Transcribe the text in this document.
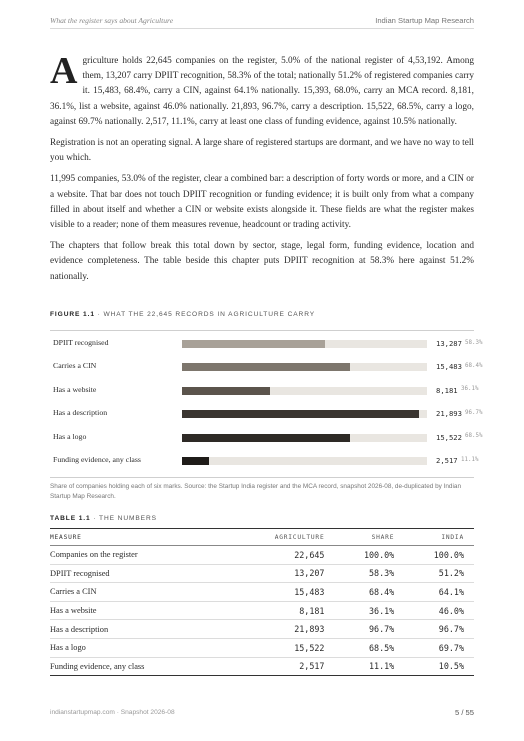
What the register says about Agriculture	Indian Startup Map Research

Agriculture holds 22,645 companies on the register, 5.0% of the national register of 4,53,192. Among them, 13,207 carry DPIIT recognition, 58.3% of the total; nationally 51.2% of registered companies carry it. 15,483, 68.4%, carry a CIN, against 64.1% nationally. 15,393, 68.0%, carry an MCA record. 8,181, 36.1%, list a website, against 46.0% nationally. 21,893, 96.7%, carry a description. 15,522, 68.5%, carry a logo, against 69.7% nationally. 2,517, 11.1%, carry at least one class of funding evidence, against 10.5% nationally.

Registration is not an operating signal. A large share of registered startups are dormant, and we have no way to tell you which.

11,995 companies, 53.0% of the register, clear a combined bar: a description of forty words or more, and a CIN or a website. That bar does not touch DPIIT recognition or funding evidence; it is built only from what a company filled in about itself and whether a CIN or website exists alongside it. These fields are what the register makes visible to a reader; none of them measures revenue, headcount or trading activity.

The chapters that follow break this total down by sector, stage, legal form, funding evidence, location and evidence completeness. The table beside this chapter puts DPIIT recognition at 58.3% here against 51.2% nationally.

FIGURE 1.1 · WHAT THE 22,645 RECORDS IN AGRICULTURE CARRY
DPIIT recognised	13,287 58.3%
Carries a CIN	15,483 68.4%
Has a website	8,181 36.1%
Has a description	21,893 96.7%
Has a logo	15,522 68.5%
Funding evidence, any class	2,517 11.1%
Share of companies holding each of six marks. Source: the Startup India register and the MCA record, snapshot 2026-08, de-duplicated by Indian Startup Map Research.
TABLE 1.1 · THE NUMBERS
MEASURE	AGRICULTURE	SHARE	INDIA
Companies on the register	22,645	100.0%	100.0%
DPIIT recognised	13,207	58.3%	51.2%
Carries a CIN	15,483	68.4%	64.1%
Has a website	8,181	36.1%	46.0%
Has a description	21,893	96.7%	96.7%
Has a logo	15,522	68.5%	69.7%
Funding evidence, any class	2,517	11.1%	10.5%
indianstartupmap.com · Snapshot 2026-08	5 / 55
